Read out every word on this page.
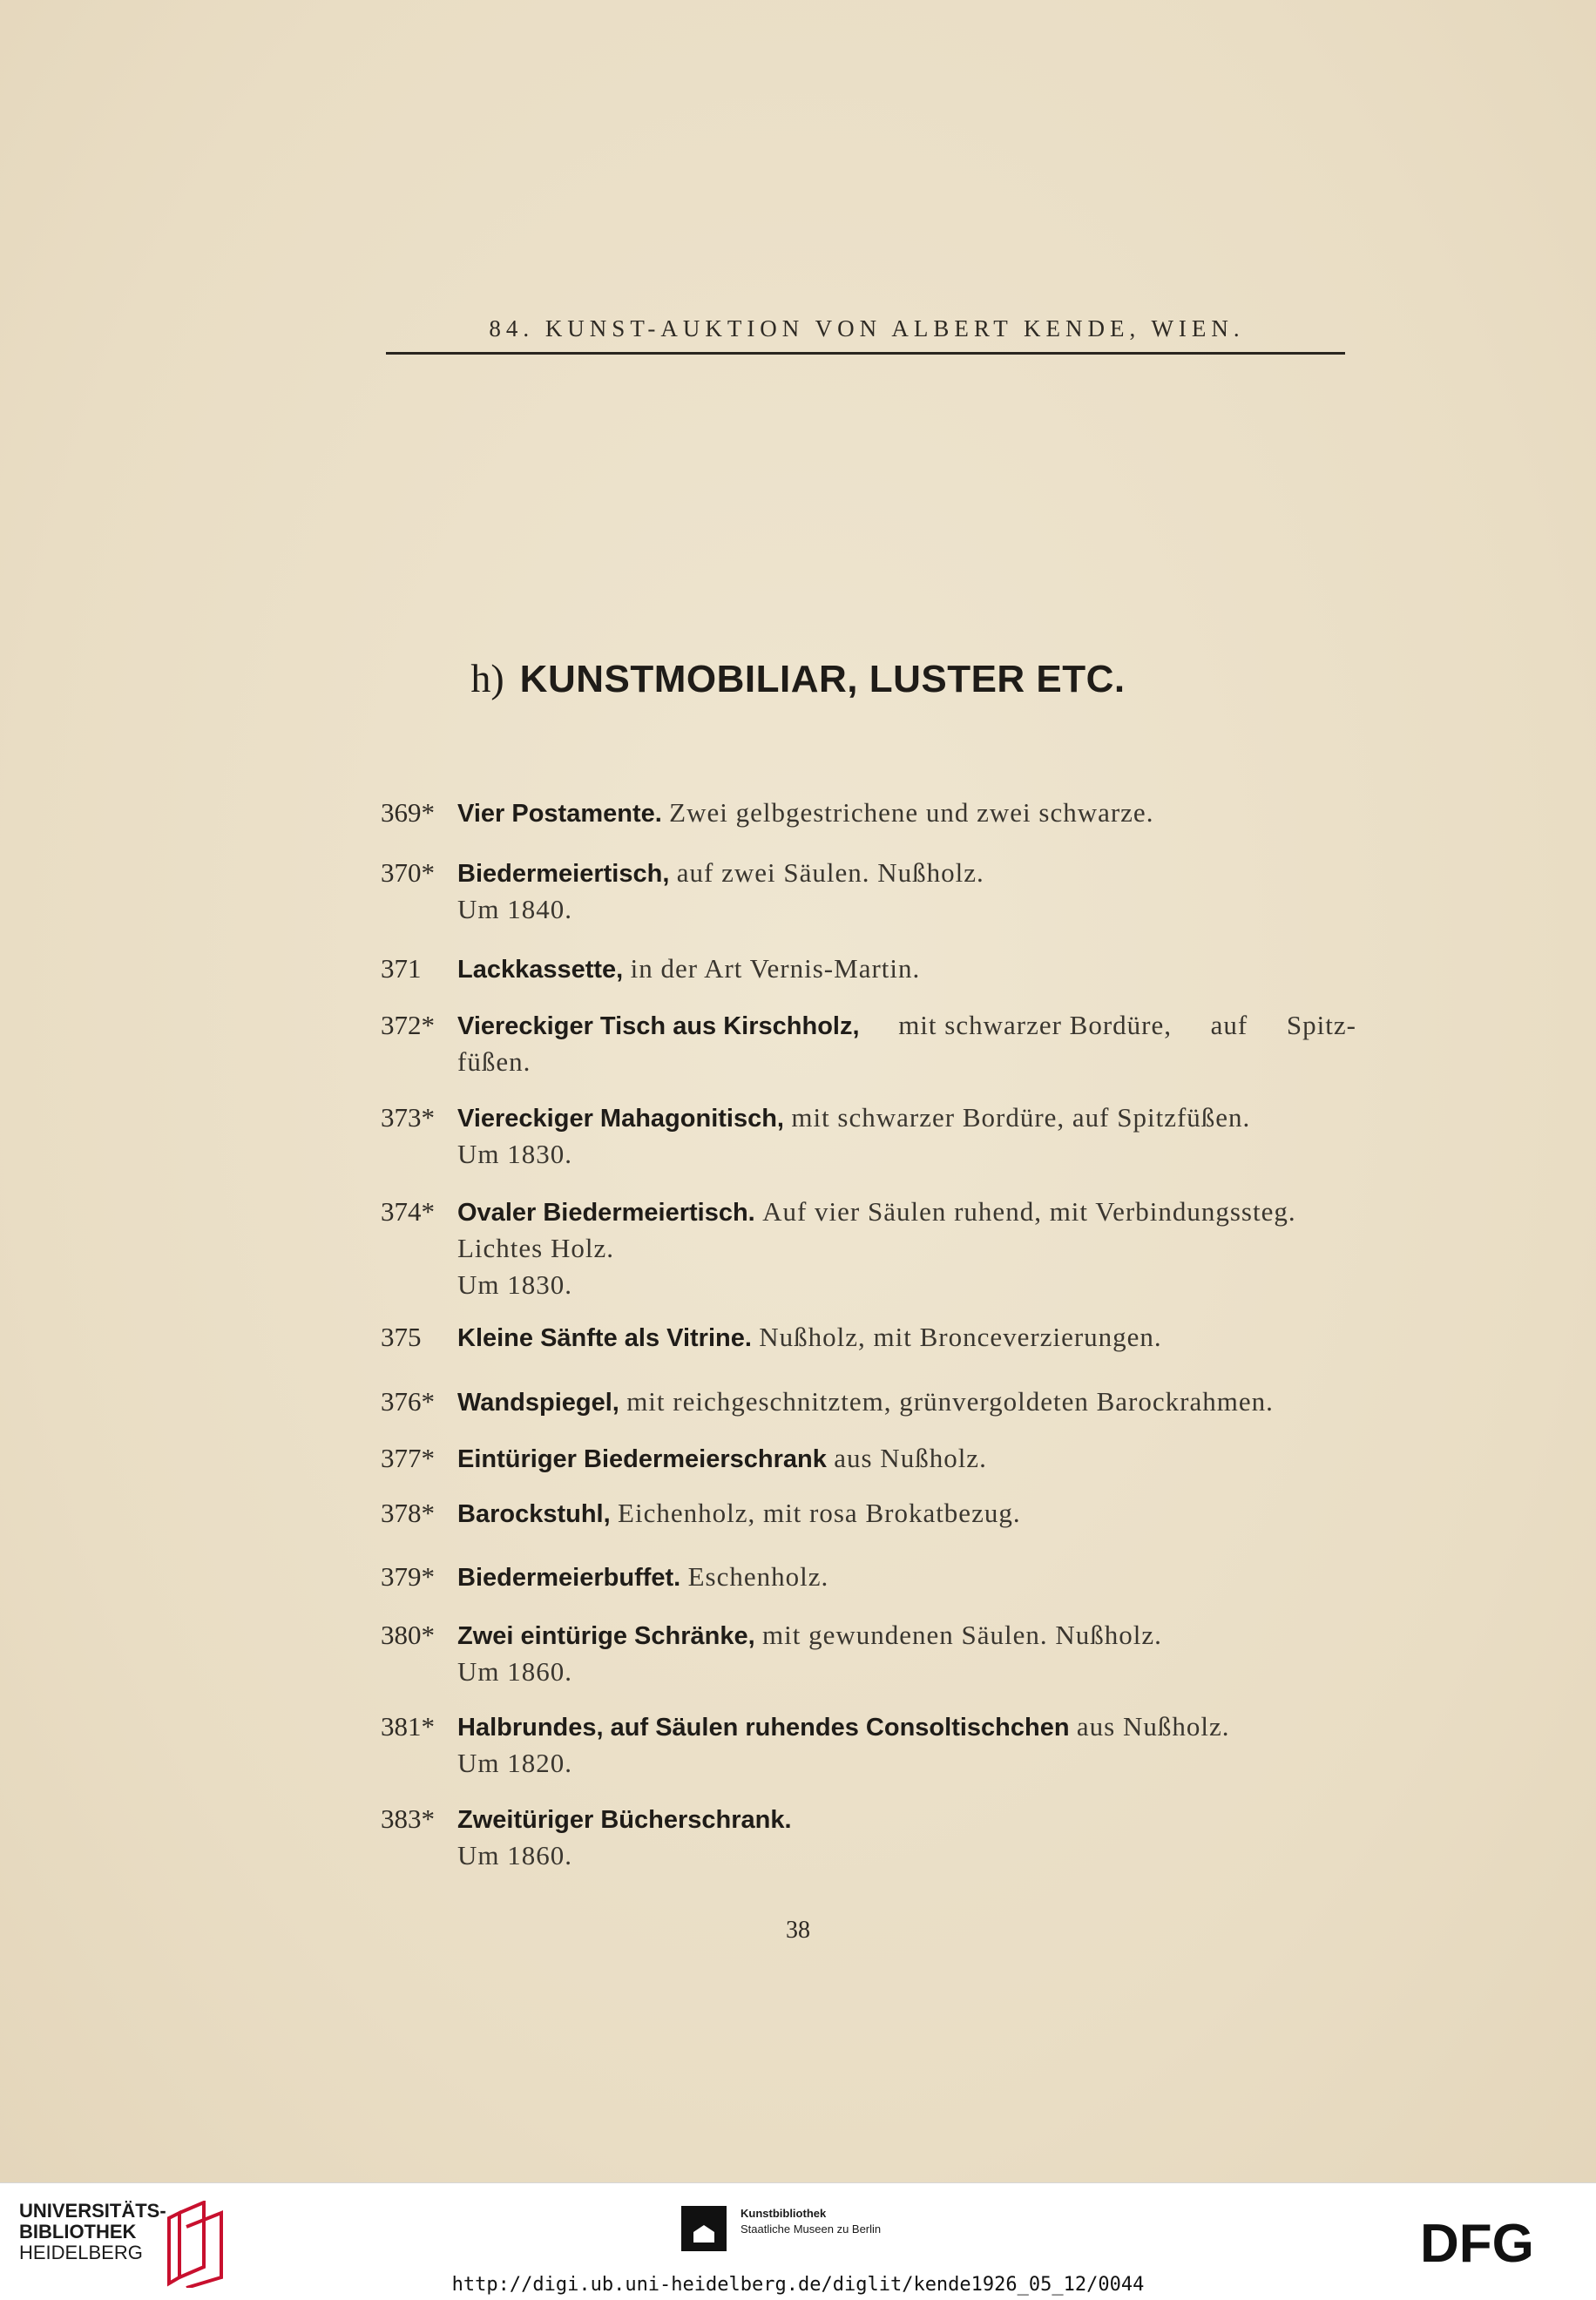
84. KUNST-AUKTION VON ALBERT KENDE, WIEN.
h) KUNSTMOBILIAR, LUSTER ETC.
369* Vier Postamente. Zwei gelbgestrichene und zwei schwarze.
370* Biedermeiertisch, auf zwei Säulen. Nußholz.
Um 1840.
371 Lackkassette, in der Art Vernis-Martin.
372* Viereckiger Tisch aus Kirschholz, mit schwarzer Bordüre, auf Spitz-
füßen.
373* Viereckiger Mahagonitisch, mit schwarzer Bordüre, auf Spitzfüßen.
Um 1830.
374* Ovaler Biedermeiertisch. Auf vier Säulen ruhend, mit Verbindungssteg.
Lichtes Holz.
Um 1830.
375 Kleine Sänfte als Vitrine. Nußholz, mit Bronceverzierungen.
376* Wandspiegel, mit reichgeschnitztem, grünvergoldeten Barockrahmen.
377* Eintüriger Biedermeierschrank aus Nußholz.
378* Barockstuhl, Eichenholz, mit rosa Brokatbezug.
379* Biedermeierbuffet. Eschenholz.
380* Zwei eintürige Schränke, mit gewundenen Säulen. Nußholz.
Um 1860.
381* Halbrundes, auf Säulen ruhendes Consoltischchen aus Nußholz.
Um 1820.
383* Zweitüriger Bücherschrank.
Um 1860.
38
UNIVERSITÄTS-
BIBLIOTHEK
HEIDELBERG
Kunstbibliothek
Staatliche Museen zu Berlin	DFG
http://digi.ub.uni-heidelberg.de/diglit/kende1926_05_12/0044
